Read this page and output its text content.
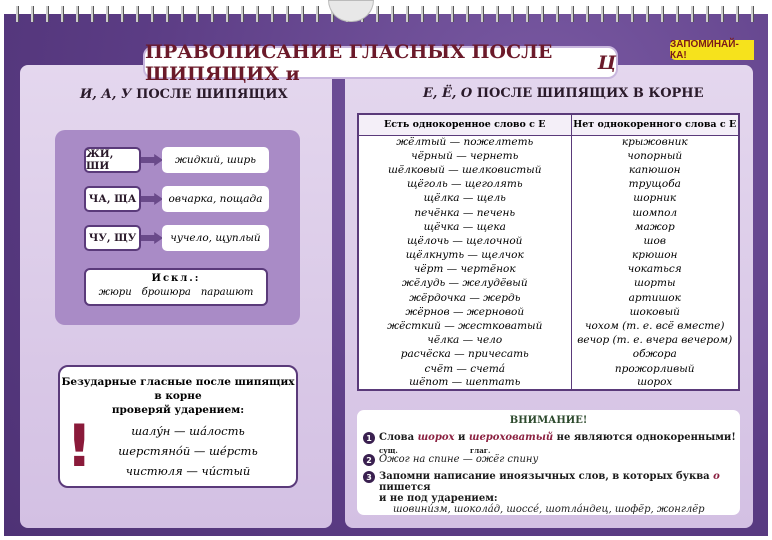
ПРАВОПИСАНИЕ ГЛАСНЫХ ПОСЛЕ ШИПЯЩИХ и	Ц
ЗАПОМИНАЙ-КА!
И, А, У ПОСЛЕ ШИПЯЩИХ
ЖИ, ШИ	жидкий, ширь
ЧА, ЩА	овчарка, пощада
ЧУ, ЩУ	чучело, щуплый
Искл.:
жюри брошюра парашют
Безударные гласные после шипящих
в корне
проверяй ударением:
!	шалýн — шáлость
шерстянóй — шéрсть
чистюля — чи́стый
Е, Ё, О ПОСЛЕ ШИПЯЩИХ В КОРНЕ
Есть однокоренное слово с Е	Нет однокоренного слова с Е
жёлтый — пожелтеть	крыжовник
чёрный — чернеть	чопорный
шёлковый — шелковистый	капюшон
щёголь — щеголять	трущоба
щёлка — щель	шорник
печёнка — печень	шомпол
щёчка — щека	мажор
щёлочь — щелочной	шов
щёлкнуть — щелчок	крюшон
чёрт — чертёнок	чокаться
жёлудь — желудёвый	шорты
жёрдочка — жердь	артишок
жёрнов — жерновой	шоковый
жёсткий — жестковатый	чохом (т. е. всё вместе)
чёлка — чело	вечор (т. е. вчера вечером)
расчёска — причесать	обжора
счёт — счетá	прожорливый
шёпот — шептать	шорох
ВНИМАНИЕ!
1 Слова шорох и шероховатый не являются однокоренными!
сущ.	глаг.
2 Ожог на спине — ожёг спину
3 Запомни написание иноязычных слов, в которых буква о пишется
и не под ударением:
шовини́зм, шокола́д, шоссé, шотла́ндец, шофёр, жонглёр
